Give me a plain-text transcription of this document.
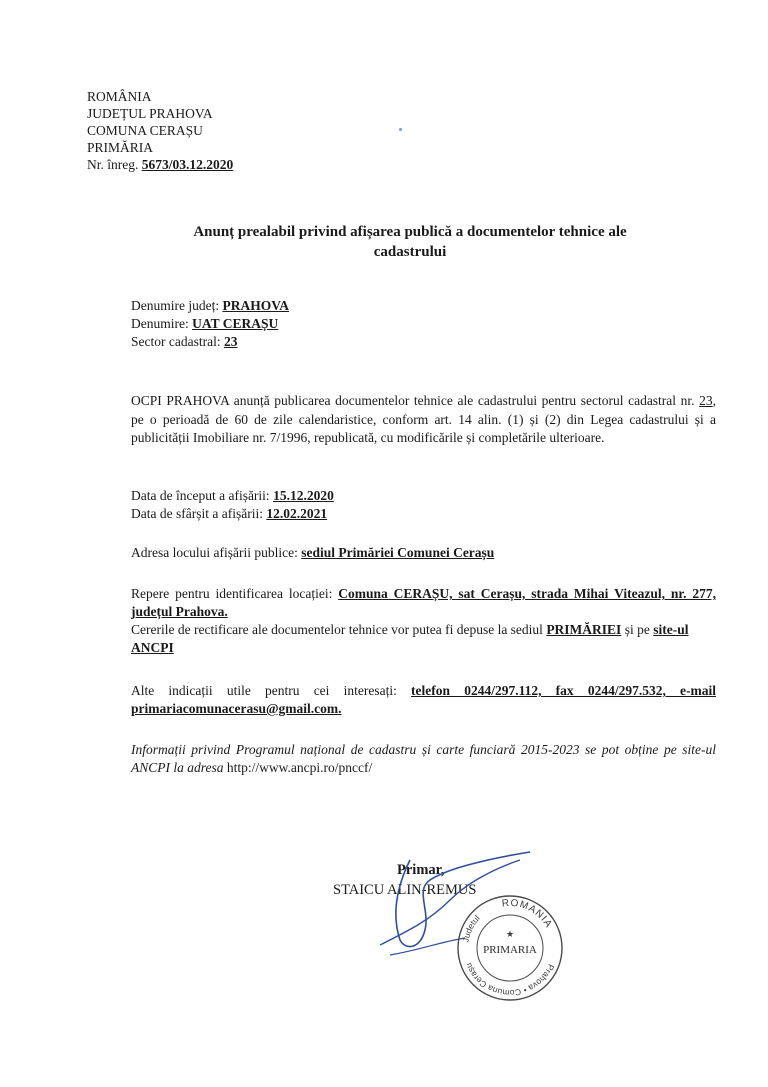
ROMÂNIA
JUDEȚUL PRAHOVA
COMUNA CERAȘU
PRIMĂRIA
Nr. înreg. 5673/03.12.2020
Anunț prealabil privind afișarea publică a documentelor tehnice ale
cadastrului
Denumire județ: PRAHOVA
Denumire: UAT CERAȘU
Sector cadastral: 23
OCPI PRAHOVA anunță publicarea documentelor tehnice ale cadastrului pentru sectorul cadastral nr. 23, pe o perioadă de 60 de zile calendaristice, conform art. 14 alin. (1) și (2) din Legea cadastrului și a publicității Imobiliare nr. 7/1996, republicată, cu modificările și completările ulterioare.
Data de început a afișării: 15.12.2020
Data de sfârșit a afișării: 12.02.2021
Adresa locului afișării publice: sediul Primăriei Comunei Cerașu
Repere pentru identificarea locației: Comuna CERAȘU, sat Cerașu, strada Mihai Viteazul, nr. 277, județul Prahova.
Cererile de rectificare ale documentelor tehnice vor putea fi depuse la sediul PRIMĂRIEI și pe site-ul ANCPI
Alte indicații utile pentru cei interesați: telefon 0244/297.112, fax 0244/297.532, e-mail primariacomunacerasu@gmail.com.
Informații privind Programul național de cadastru și carte funciară 2015-2023 se pot obține pe site-ul ANCPI la adresa http://www.ancpi.ro/pnccf/
Primar,
STAICU ALIN-REMUS
ROMANIA
Judetul
Prahova • Comuna Cerașu
★
PRIMARIA
